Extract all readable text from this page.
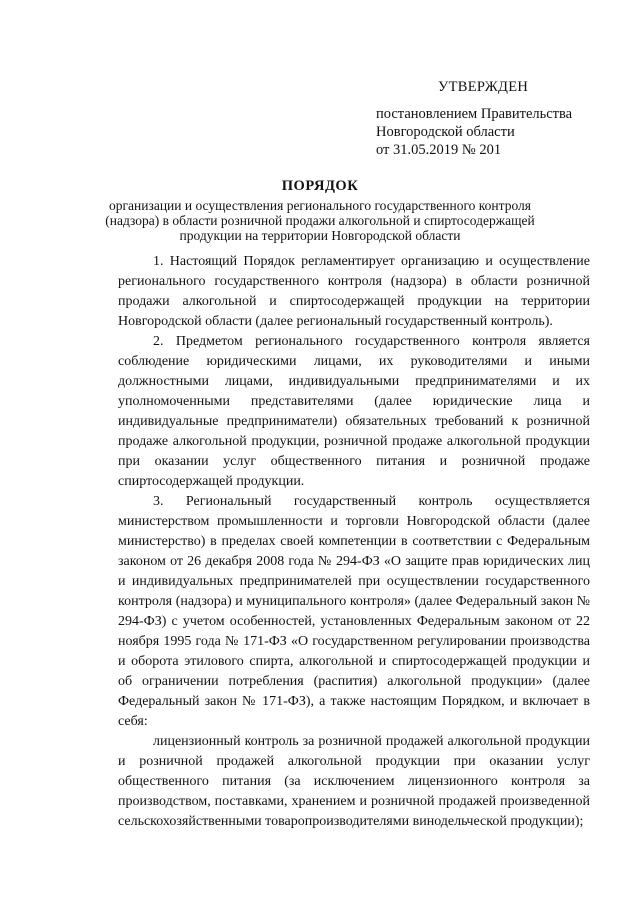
УТВЕРЖДЕН
постановлением Правительства
Новгородской области
от 31.05.2019 № 201
ПОРЯДОК
организации и осуществления регионального государственного контроля
(надзора) в области розничной продажи алкогольной и спиртосодержащей
продукции на территории Новгородской области

1. Настоящий Порядок регламентирует организацию и осуществление регионального государственного контроля (надзора) в области розничной продажи алкогольной и спиртосодержащей продукции на территории Новгородской области (далее региональный государственный контроль).

2. Предметом регионального государственного контроля является соблюдение юридическими лицами, их руководителями и иными должностными лицами, индивидуальными предпринимателями и их уполномоченными представителями (далее юридические лица и индивидуальные предприниматели) обязательных требований к розничной продаже алкогольной продукции, розничной продаже алкогольной продукции при оказании услуг общественного питания и розничной продаже спиртосодержащей продукции.

3. Региональный государственный контроль осуществляется министерством промышленности и торговли Новгородской области (далее министерство) в пределах своей компетенции в соответствии с Федеральным законом от 26 декабря 2008 года № 294-ФЗ «О защите прав юридических лиц и индивидуальных предпринимателей при осуществлении государственного контроля (надзора) и муниципального контроля» (далее Федеральный закон № 294-ФЗ) с учетом особенностей, установленных Федеральным законом от 22 ноября 1995 года № 171-ФЗ «О государственном регулировании производства и оборота этилового спирта, алкогольной и спиртосодержащей продукции и об ограничении потребления (распития) алкогольной продукции» (далее Федеральный закон № 171-ФЗ), а также настоящим Порядком, и включает в себя:

лицензионный контроль за розничной продажей алкогольной продукции и розничной продажей алкогольной продукции при оказании услуг общественного питания (за исключением лицензионного контроля за производством, поставками, хранением и розничной продажей произведенной сельскохозяйственными товаропроизводителями винодельческой продукции);
